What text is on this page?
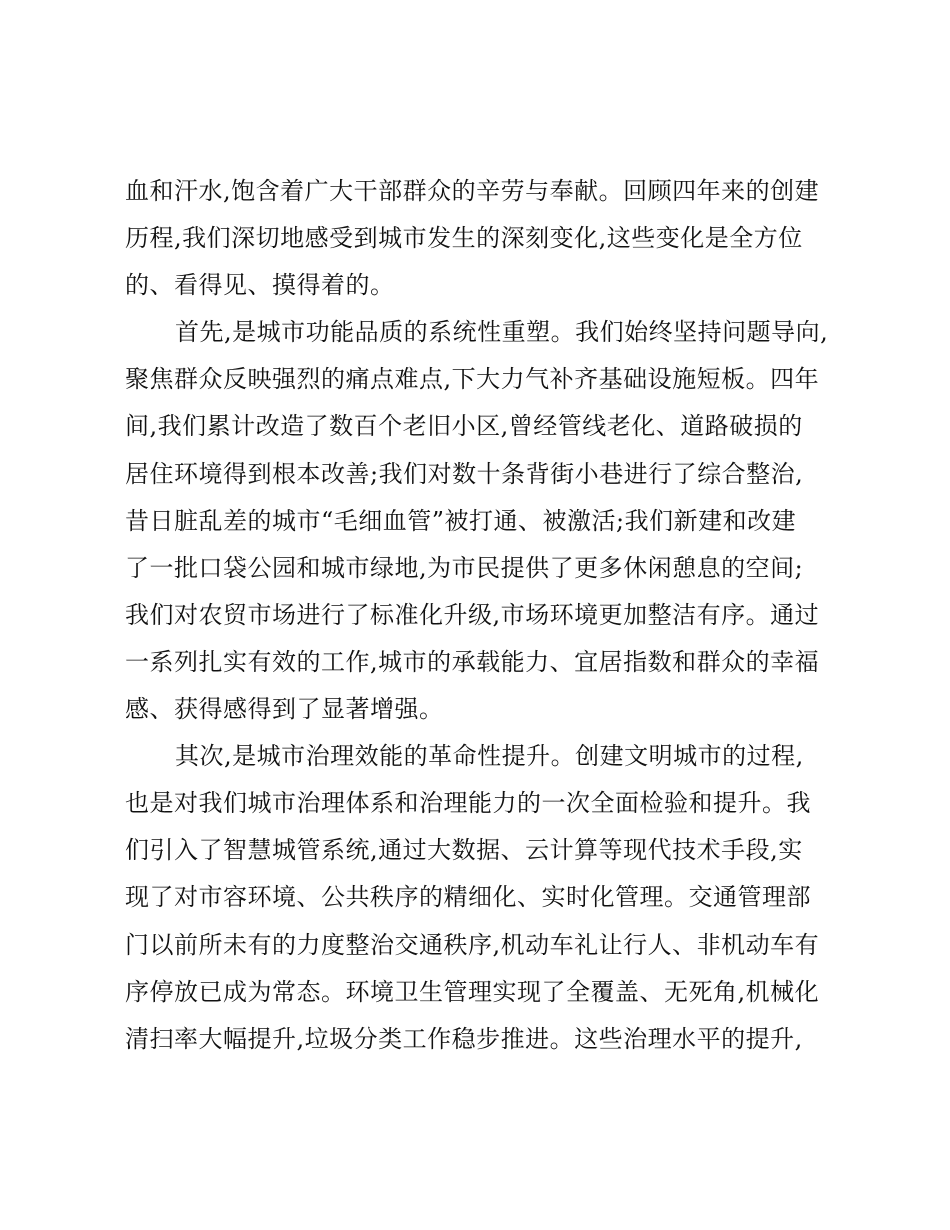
血和汗水,饱含着广大干部群众的辛劳与奉献。回顾四年来的创建
历程,我们深切地感受到城市发生的深刻变化,这些变化是全方位
的、看得见、摸得着的。
首先,是城市功能品质的系统性重塑。我们始终坚持问题导向,
聚焦群众反映强烈的痛点难点,下大力气补齐基础设施短板。四年
间,我们累计改造了数百个老旧小区,曾经管线老化、道路破损的
居住环境得到根本改善;我们对数十条背街小巷进行了综合整治,
昔日脏乱差的城市“毛细血管”被打通、被激活;我们新建和改建
了一批口袋公园和城市绿地,为市民提供了更多休闲憩息的空间;
我们对农贸市场进行了标准化升级,市场环境更加整洁有序。通过
一系列扎实有效的工作,城市的承载能力、宜居指数和群众的幸福
感、获得感得到了显著增强。
其次,是城市治理效能的革命性提升。创建文明城市的过程,
也是对我们城市治理体系和治理能力的一次全面检验和提升。我
们引入了智慧城管系统,通过大数据、云计算等现代技术手段,实
现了对市容环境、公共秩序的精细化、实时化管理。交通管理部
门以前所未有的力度整治交通秩序,机动车礼让行人、非机动车有
序停放已成为常态。环境卫生管理实现了全覆盖、无死角,机械化
清扫率大幅提升,垃圾分类工作稳步推进。这些治理水平的提升,
